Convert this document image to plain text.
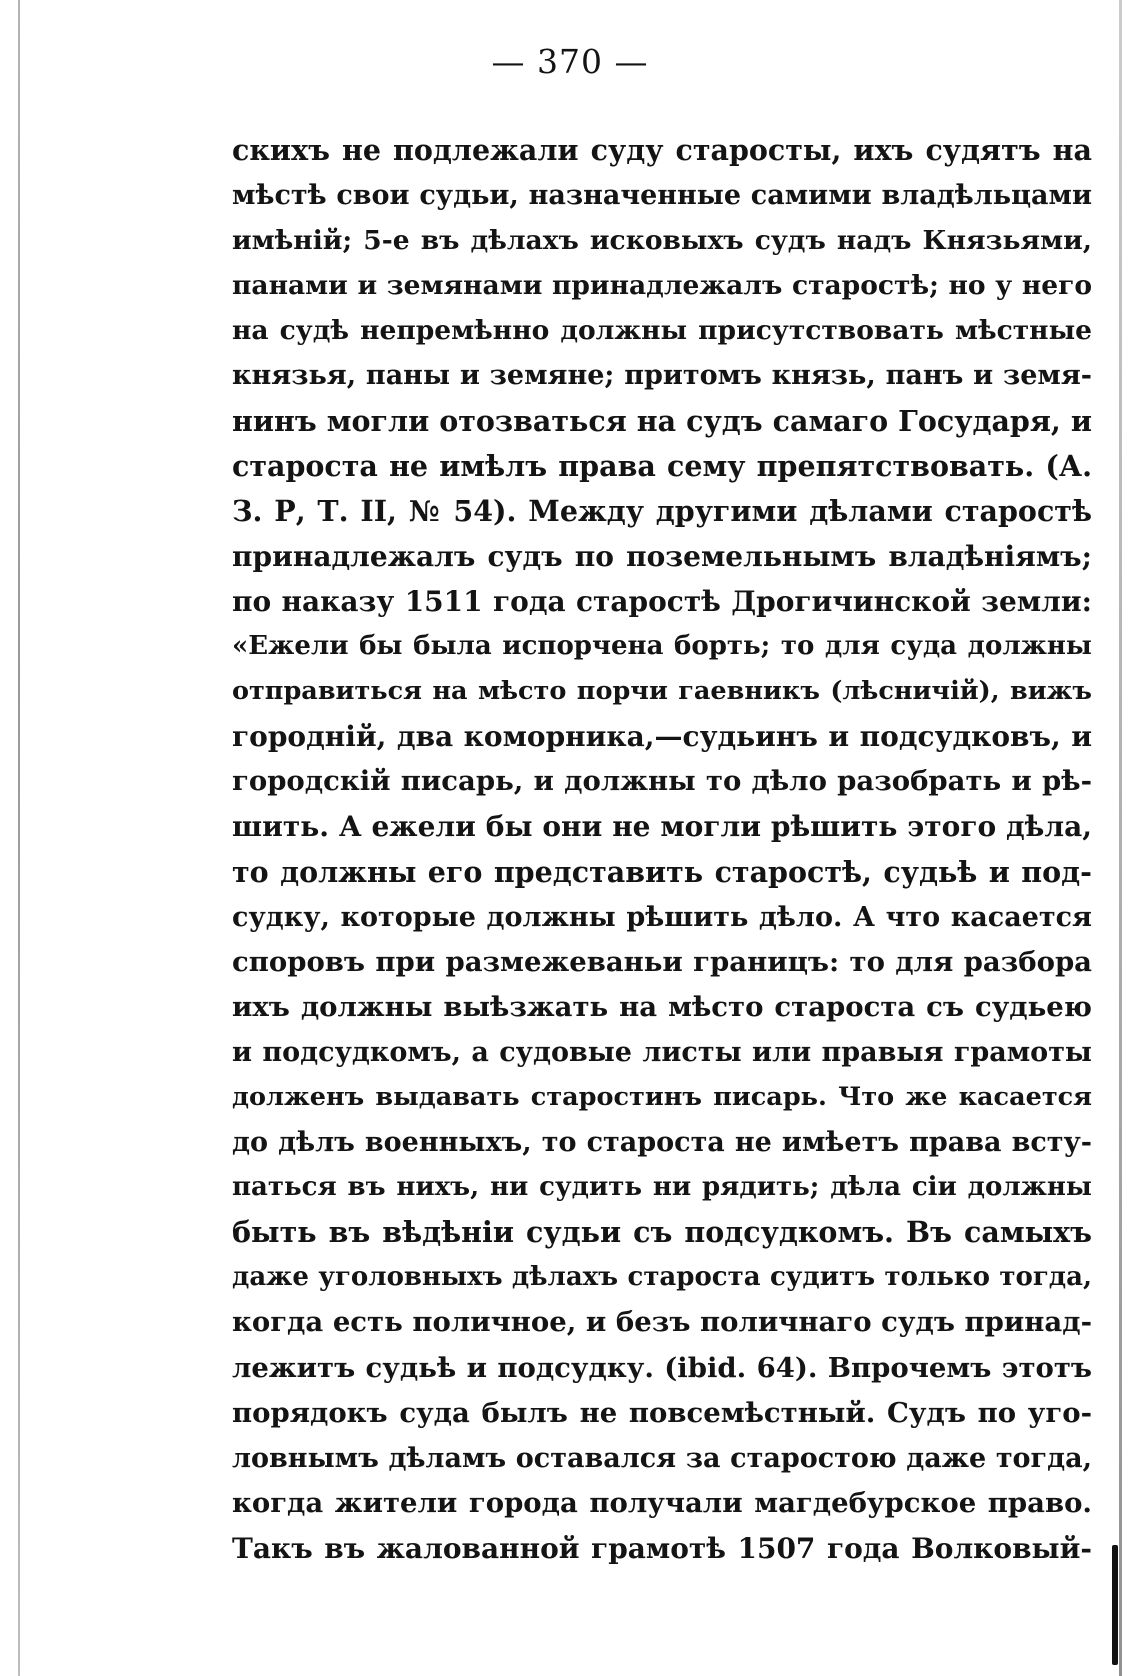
— 370 —
скихъ не подлежали суду старосты, ихъ судятъ на
мѣстѣ свои судьи, назначенные самими владѣльцами
имѣній; 5-е въ дѣлахъ исковыхъ судъ надъ Князьями,
панами и земянами принадлежалъ старостѣ; но у него
на судѣ непремѣнно должны присутствовать мѣстные
князья, паны и земяне; притомъ князь, панъ и земя-
нинъ могли отозваться на судъ самаго Государя, и
староста не имѣлъ права сему препятствовать. (А.
З. Р, Т. II, № 54). Между другими дѣлами старостѣ
принадлежалъ судъ по поземельнымъ владѣніямъ;
по наказу 1511 года старостѣ Дрогичинской земли:
«Ежели бы была испорчена борть; то для суда должны
отправиться на мѣсто порчи гаевникъ (лѣсничій), вижъ
городній, два коморника,—судьинъ и подсудковъ, и
городскій писарь, и должны то дѣло разобрать и рѣ-
шить. А ежели бы они не могли рѣшить этого дѣла,
то должны его представить старостѣ, судьѣ и под-
судку, которые должны рѣшить дѣло. А что касается
споровъ при размежеваньи границъ: то для разбора
ихъ должны выѣзжать на мѣсто староста съ судьею
и подсудкомъ, а судовые листы или правыя грамоты
долженъ выдавать старостинъ писарь. Что же касается
до дѣлъ военныхъ, то староста не имѣетъ права всту-
паться въ нихъ, ни судить ни рядить; дѣла сіи должны
быть въ вѣдѣніи судьи съ подсудкомъ. Въ самыхъ
даже уголовныхъ дѣлахъ староста судитъ только тогда,
когда есть поличное, и безъ поличнаго судъ принад-
лежитъ судьѣ и подсудку. (ibid. 64). Впрочемъ этотъ
порядокъ суда былъ не повсемѣстный. Судъ по уго-
ловнымъ дѣламъ оставался за старостою даже тогда,
когда жители города получали магдебурское право.
Такъ въ жалованной грамотѣ 1507 года Волковый-
